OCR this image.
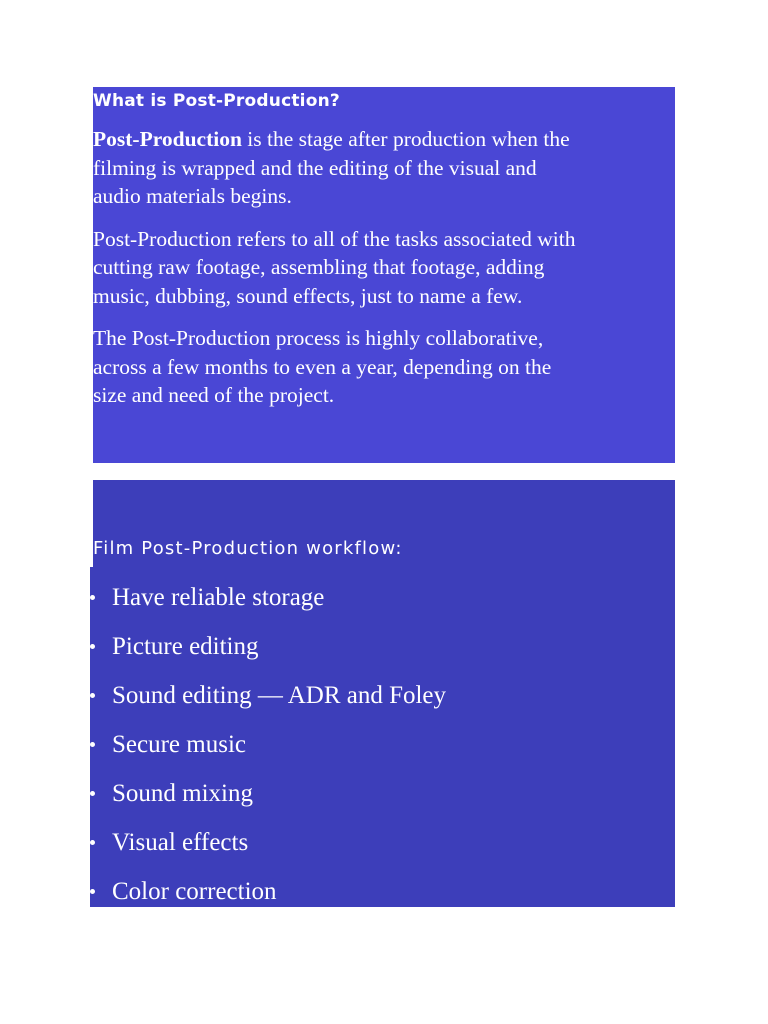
What is Post-Production?

Post-Production is the stage after production when the
filming is wrapped and the editing of the visual and
audio materials begins.

Post-Production refers to all of the tasks associated with
cutting raw footage, assembling that footage, adding
music, dubbing, sound effects, just to name a few.

The Post-Production process is highly collaborative,
across a few months to even a year, depending on the
size and need of the project.

Film Post-Production workflow:
Have reliable storage
Picture editing
Sound editing — ADR and Foley
Secure music
Sound mixing
Visual effects
Color correction
